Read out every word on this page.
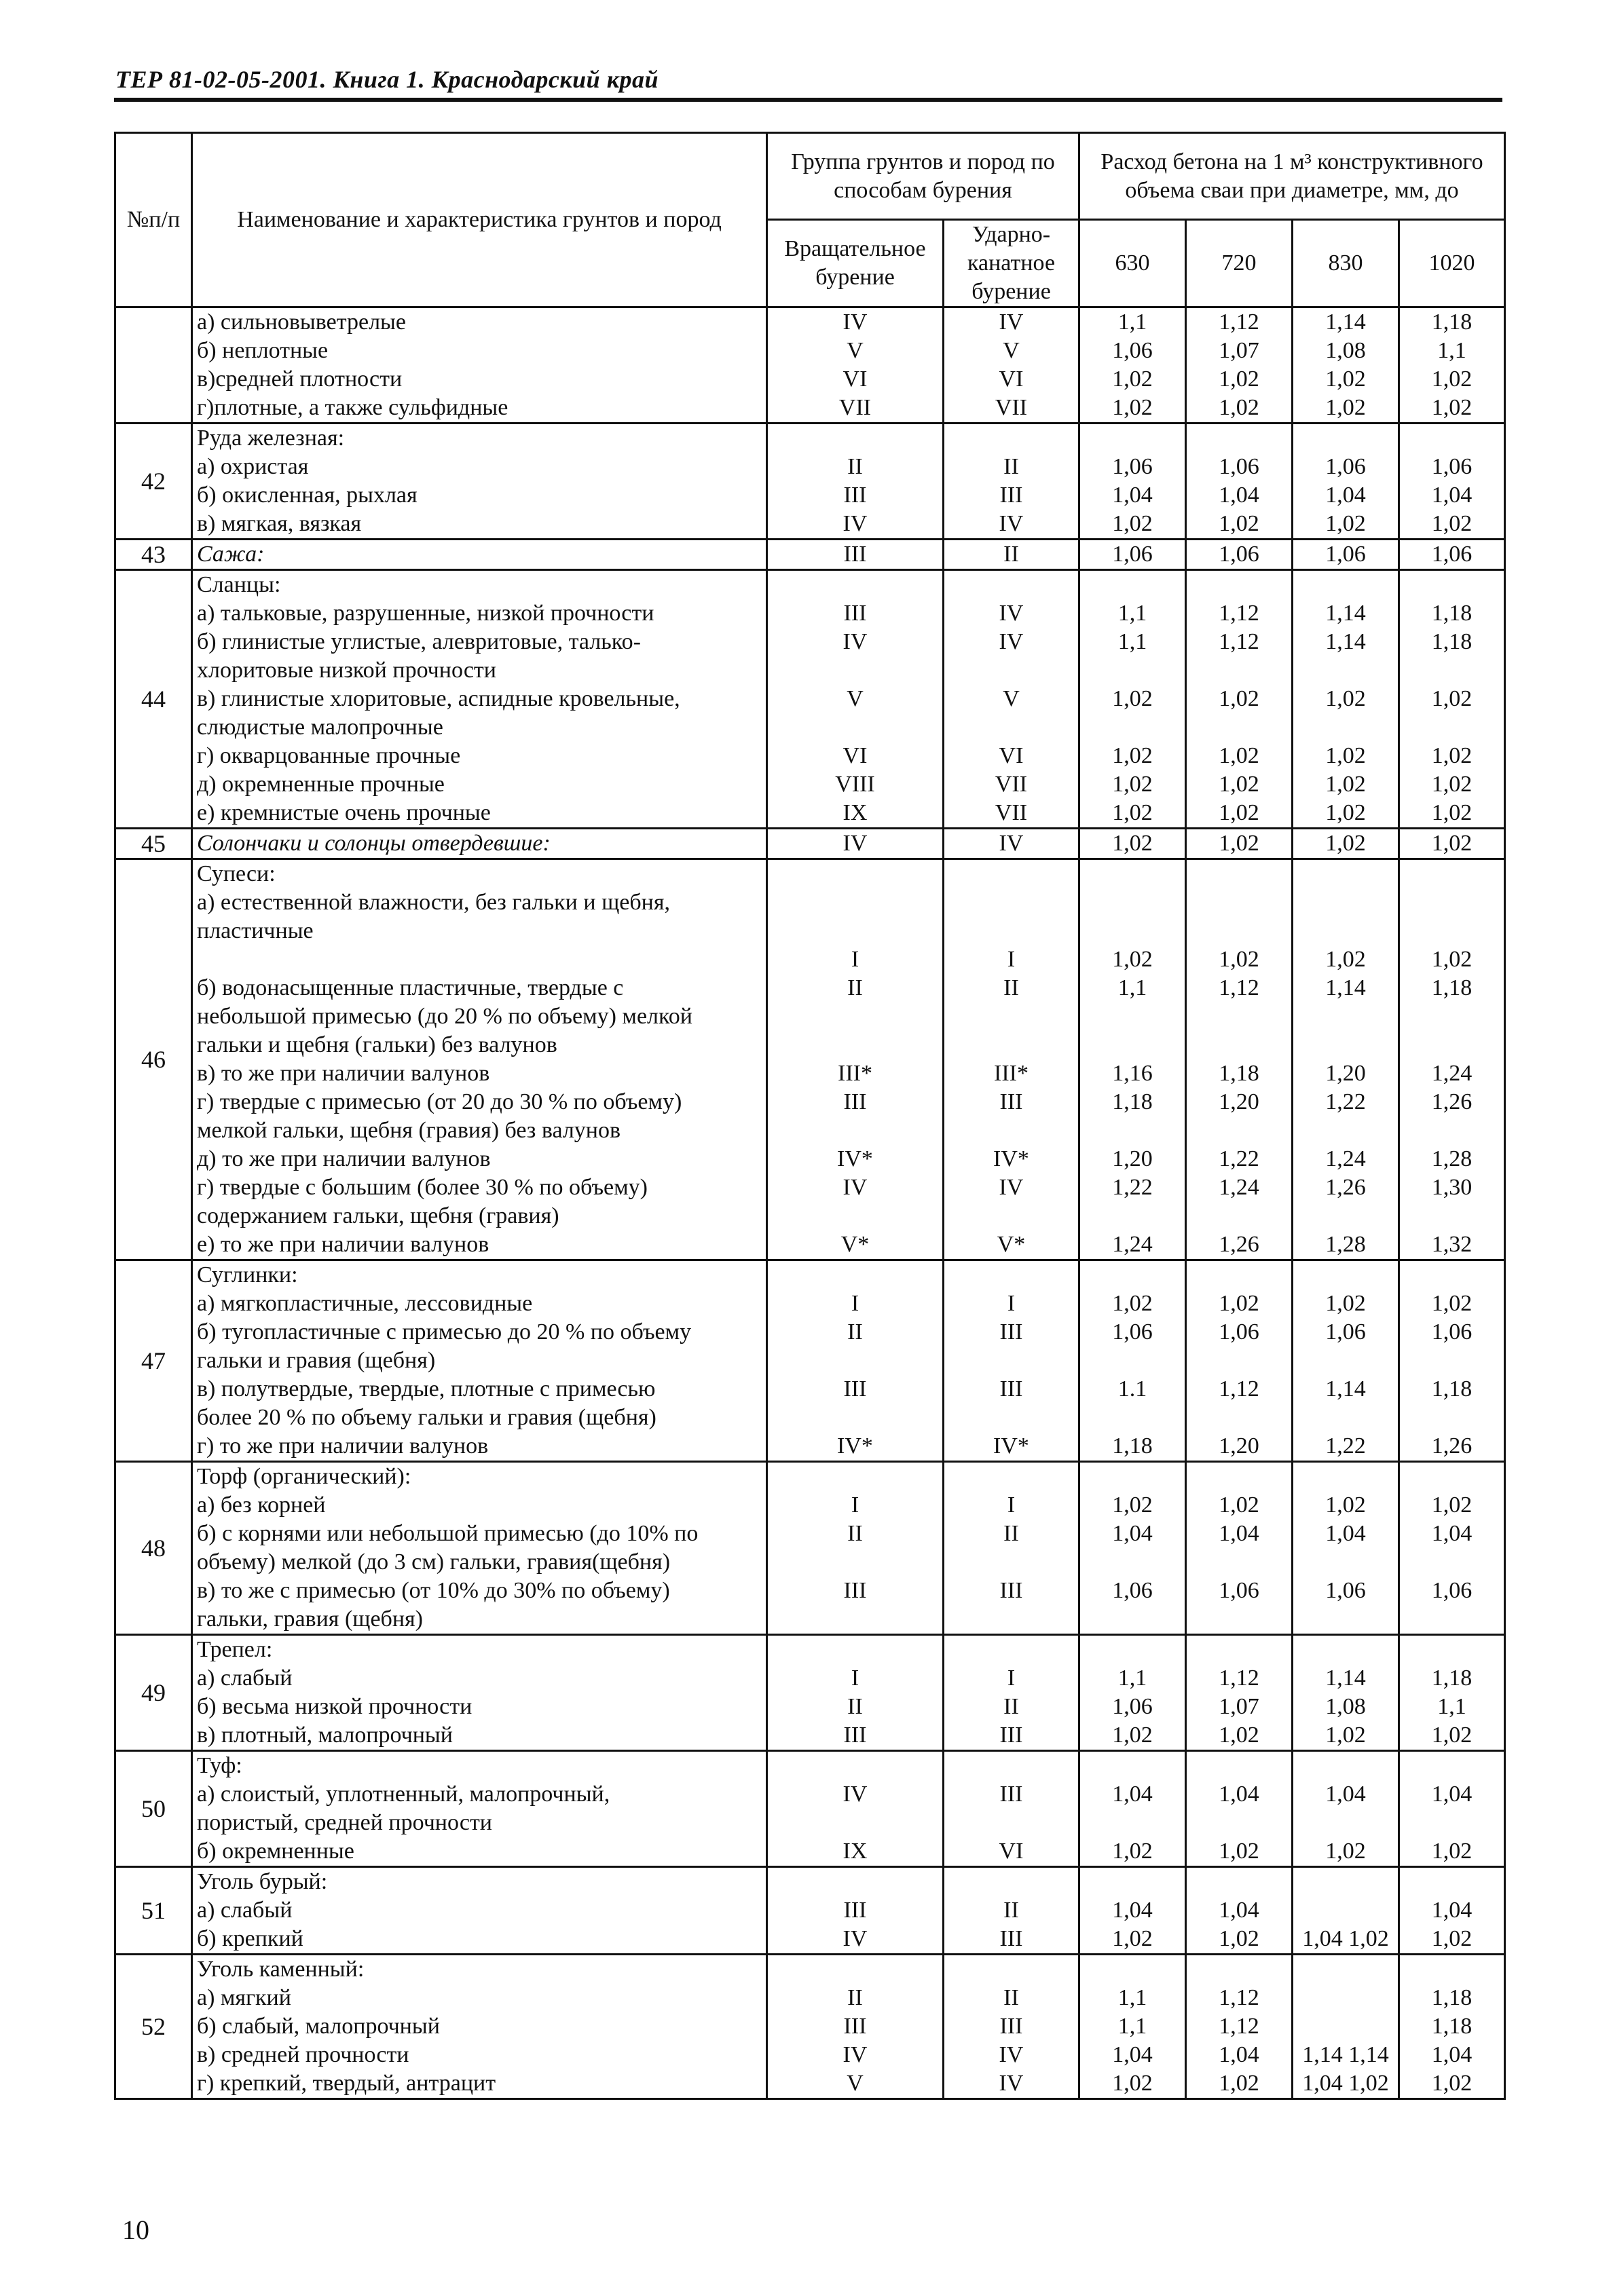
ТЕР 81-02-05-2001. Книга 1. Краснодарский край
№п/п	Наименование и характеристика грунтов и пород	Группа грунтов и пород по способам бурения		Расход бетона на 1 м³ конструктивного объема сваи при диаметре, мм, до			
		Вращательное бурение	Ударно-канатное бурение	630	720	830	1020
	а) сильновыветрелые	IV	IV	1,1	1,12	1,14	1,18
	б) неплотные	V	V	1,06	1,07	1,08	1,1
	в)средней плотности	VI	VI	1,02	1,02	1,02	1,02
	г)плотные, а также сульфидные	VII	VII	1,02	1,02	1,02	1,02
42	Руда железная:						
	а) охристая	II	II	1,06	1,06	1,06	1,06
	б) окисленная, рыхлая	III	III	1,04	1,04	1,04	1,04
	в) мягкая, вязкая	IV	IV	1,02	1,02	1,02	1,02
43	Сажа:	III	II	1,06	1,06	1,06	1,06
44	Сланцы:						
	а) тальковые, разрушенные, низкой прочности	III	IV	1,1	1,12	1,14	1,18
	б) глинистые углистые, алевритовые, талько-	IV	IV	1,1	1,12	1,14	1,18
	хлоритовые низкой прочности						
	в) глинистые хлоритовые, аспидные кровельные,	V	V	1,02	1,02	1,02	1,02
	слюдистые малопрочные						
	г) окварцованные прочные	VI	VI	1,02	1,02	1,02	1,02
	д) окремненные прочные	VIII	VII	1,02	1,02	1,02	1,02
	е) кремнистые очень прочные	IX	VII	1,02	1,02	1,02	1,02
45	Солончаки и солонцы отвердевшие:	IV	IV	1,02	1,02	1,02	1,02
46	Супеси:						
	а) естественной влажности, без гальки и щебня,						
	пластичные						
		I	I	1,02	1,02	1,02	1,02
	б) водонасыщенные пластичные, твердые с	II	II	1,1	1,12	1,14	1,18
	небольшой примесью (до 20 % по объему) мелкой						
	гальки и щебня (гальки) без валунов						
	в) то же при наличии валунов	III*	III*	1,16	1,18	1,20	1,24
	г) твердые с примесью (от 20 до 30 % по объему)	III	III	1,18	1,20	1,22	1,26
	мелкой гальки, щебня (гравия) без валунов						
	д) то же при наличии валунов	IV*	IV*	1,20	1,22	1,24	1,28
	г) твердые с большим (более 30 % по объему)	IV	IV	1,22	1,24	1,26	1,30
	содержанием гальки, щебня (гравия)						
	е) то же при наличии валунов	V*	V*	1,24	1,26	1,28	1,32
47	Суглинки:						
	а) мягкопластичные, лессовидные	I	I	1,02	1,02	1,02	1,02
	б) тугопластичные с примесью до 20 % по объему	II	III	1,06	1,06	1,06	1,06
	гальки и гравия (щебня)						
	в) полутвердые, твердые, плотные с примесью	III	III	1.1	1,12	1,14	1,18
	более 20 % по объему гальки и гравия (щебня)						
	г) то же при наличии валунов	IV*	IV*	1,18	1,20	1,22	1,26
48	Торф (органический):						
	а) без корней	I	I	1,02	1,02	1,02	1,02
	б) с корнями или небольшой примесью (до 10% по	II	II	1,04	1,04	1,04	1,04
	объему) мелкой (до 3 см) гальки, гравия(щебня)						
	в) то же с примесью (от 10% до 30% по объему)	III	III	1,06	1,06	1,06	1,06
	гальки, гравия (щебня)						
49	Трепел:						
	а) слабый	I	I	1,1	1,12	1,14	1,18
	б) весьма низкой прочности	II	II	1,06	1,07	1,08	1,1
	в) плотный, малопрочный	III	III	1,02	1,02	1,02	1,02
50	Туф:						
	а) слоистый, уплотненный, малопрочный,	IV	III	1,04	1,04	1,04	1,04
	пористый, средней прочности						
	б) окремненные	IX	VI	1,02	1,02	1,02	1,02
51	Уголь бурый:						
	а) слабый	III	II	1,04	1,04		1,04
	б) крепкий	IV	III	1,02	1,02	1,04 1,02	1,02
52	Уголь каменный:						
	а) мягкий	II	II	1,1	1,12		1,18
	б) слабый, малопрочный	III	III	1,1	1,12		1,18
	в) средней прочности	IV	IV	1,04	1,04	1,14 1,14	1,04
	г) крепкий, твердый, антрацит	V	IV	1,02	1,02	1,04 1,02	1,02
10
